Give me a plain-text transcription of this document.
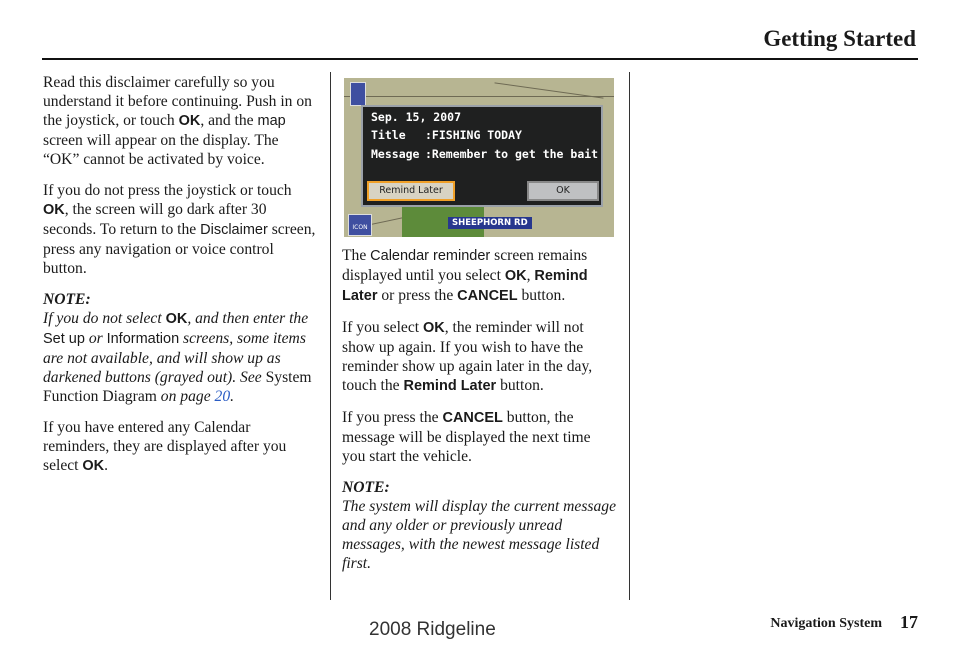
Getting Started

Read this disclaimer carefully so you understand it before continuing. Push in on the joystick, or touch OK, and the map screen will appear on the display. The “OK” cannot be activated by voice.

If you do not press the joystick or touch OK, the screen will go dark after 30 seconds. To return to the Disclaimer screen, press any navigation or voice control button.

NOTE:

If you do not select OK, and then enter the Set up or Information screens, some items are not available, and will show up as darkened buttons (grayed out). See System Function Diagram on page 20.

If you have entered any Calendar reminders, they are displayed after you select OK.

ICON
Sep. 15, 2007
Title :FISHING TODAY
Message :Remember to get the bait
Remind Later	OK
SHEEPHORN RD

The Calendar reminder screen remains displayed until you select OK, Remind Later or press the CANCEL button.

If you select OK, the reminder will not show up again. If you wish to have the reminder show up again later in the day, touch the Remind Later button.

If you press the CANCEL button, the message will be displayed the next time you start the vehicle.

NOTE:

The system will display the current message and any older or previously unread messages, with the newest message listed first.

Navigation System 17
2008 Ridgeline
